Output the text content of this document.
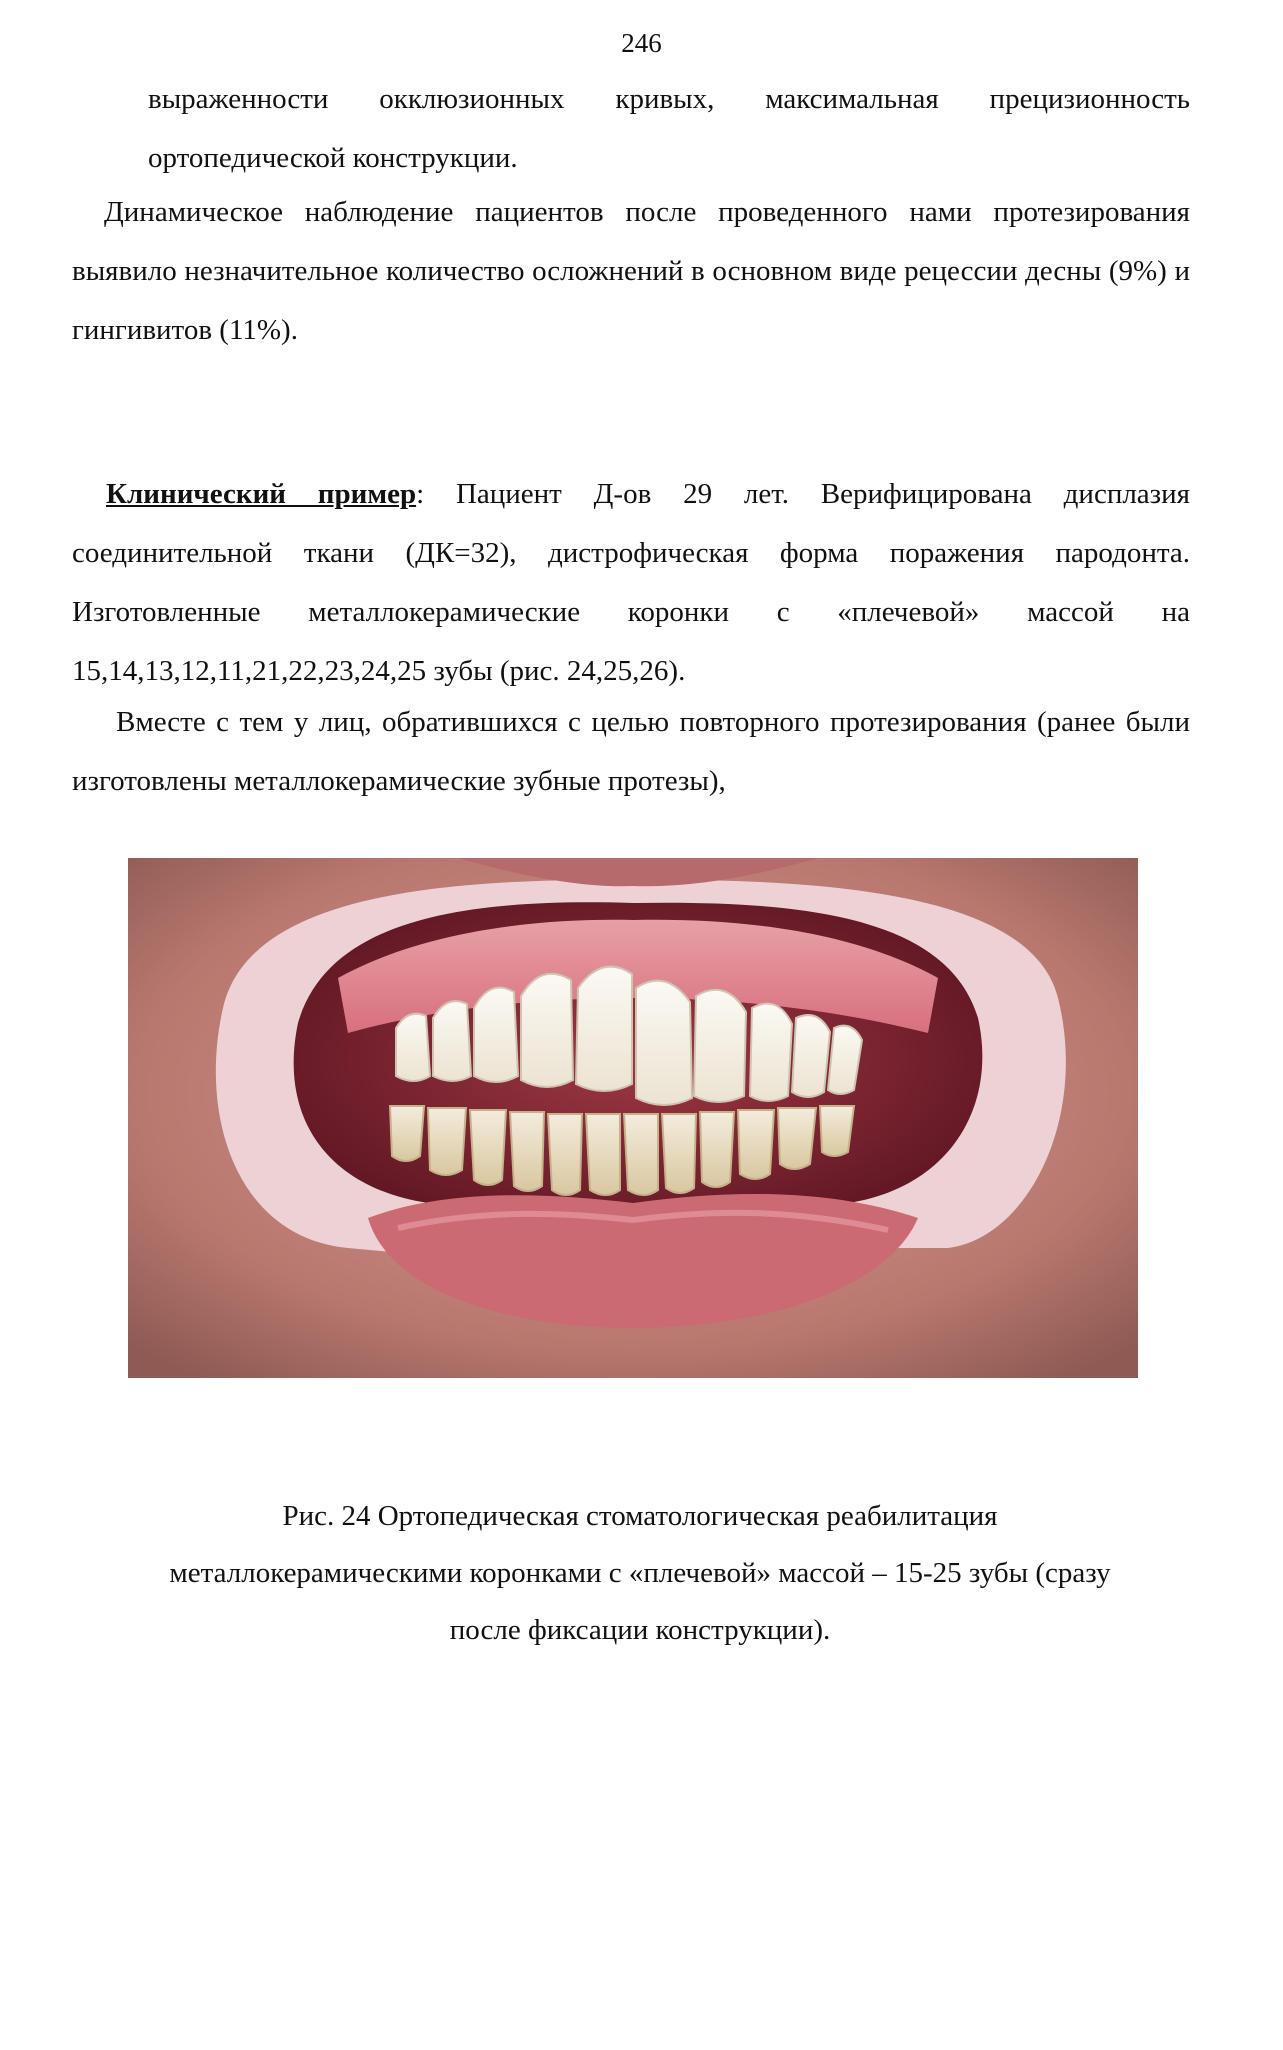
246
выраженности окклюзионных кривых, максимальная прецизионность ортопедической конструкции.
Динамическое наблюдение пациентов после проведенного нами протезирования выявило незначительное количество осложнений в основном виде рецессии десны (9%) и гингивитов (11%).
Клинический пример: Пациент Д-ов 29 лет. Верифицирована дисплазия соединительной ткани (ДК=32), дистрофическая форма поражения пародонта. Изготовленные металлокерамические коронки с «плечевой» массой на 15,14,13,12,11,21,22,23,24,25 зубы (рис. 24,25,26).
Вместе с тем у лиц, обратившихся с целью повторного протезирования (ранее были изготовлены металлокерамические зубные протезы),
Рис. 24 Ортопедическая стоматологическая реабилитация
металлокерамическими коронками с «плечевой» массой – 15-25 зубы (сразу
после фиксации конструкции).
